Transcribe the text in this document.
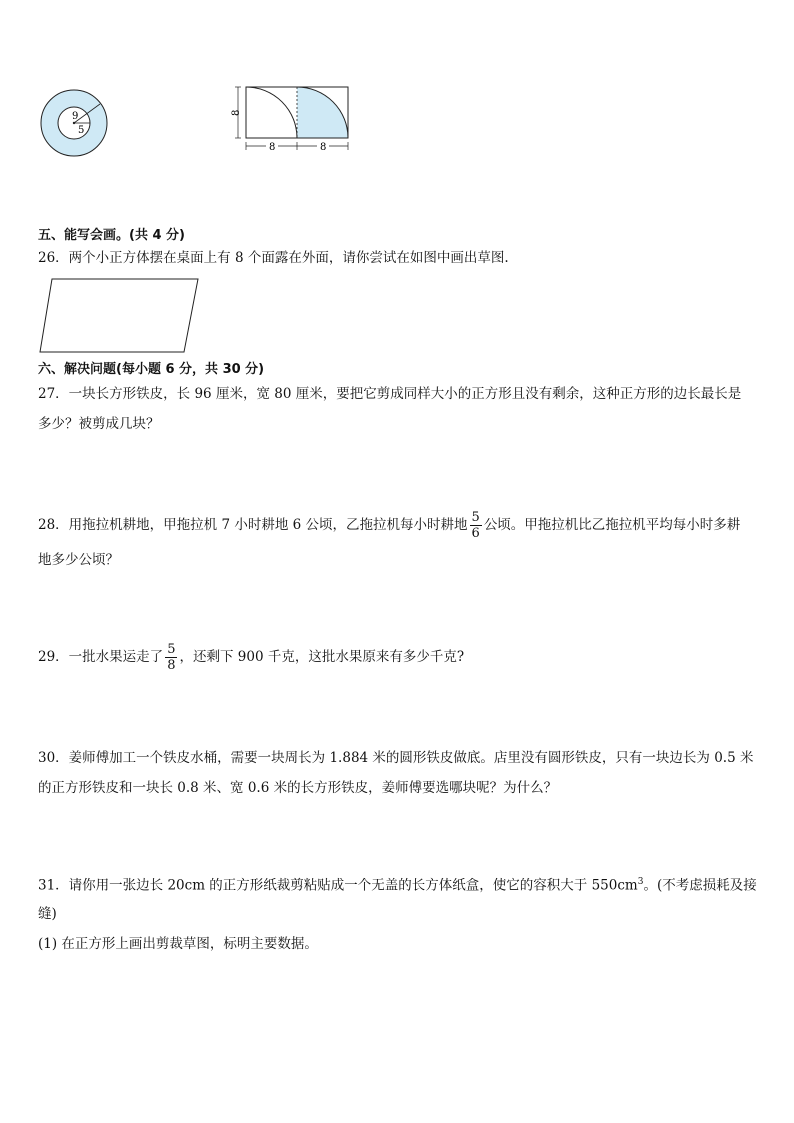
9
5
8
8	8
五、能写会画。(共 4 分)
26．两个小正方体摆在桌面上有 8 个面露在外面，请你尝试在如图中画出草图.
六、解决问题(每小题 6 分，共 30 分)
27．一块长方形铁皮，长 96 厘米，宽 80 厘米，要把它剪成同样大小的正方形且没有剩余，这种正方形的边长最长是
多少？被剪成几块？
28．用拖拉机耕地，甲拖拉机 7 小时耕地 6 公顷，乙拖拉机每小时耕地 $\frac{5}{6}$ 公顷。甲拖拉机比乙拖拉机平均每小时多耕
地多少公顷？
29．一批水果运走了 $\frac{5}{8}$ ，还剩下 900 千克，这批水果原来有多少千克?
30．姜师傅加工一个铁皮水桶，需要一块周长为 1.884 米的圆形铁皮做底。店里没有圆形铁皮，只有一块边长为 0.5 米
的正方形铁皮和一块长 0.8 米、宽 0.6 米的长方形铁皮，姜师傅要选哪块呢？为什么？
31．请你用一张边长 20cm 的正方形纸裁剪粘贴成一个无盖的长方体纸盒，使它的容积大于 $550cm^3$。(不考虑损耗及接
缝)
(1) 在正方形上画出剪裁草图，标明主要数据。
